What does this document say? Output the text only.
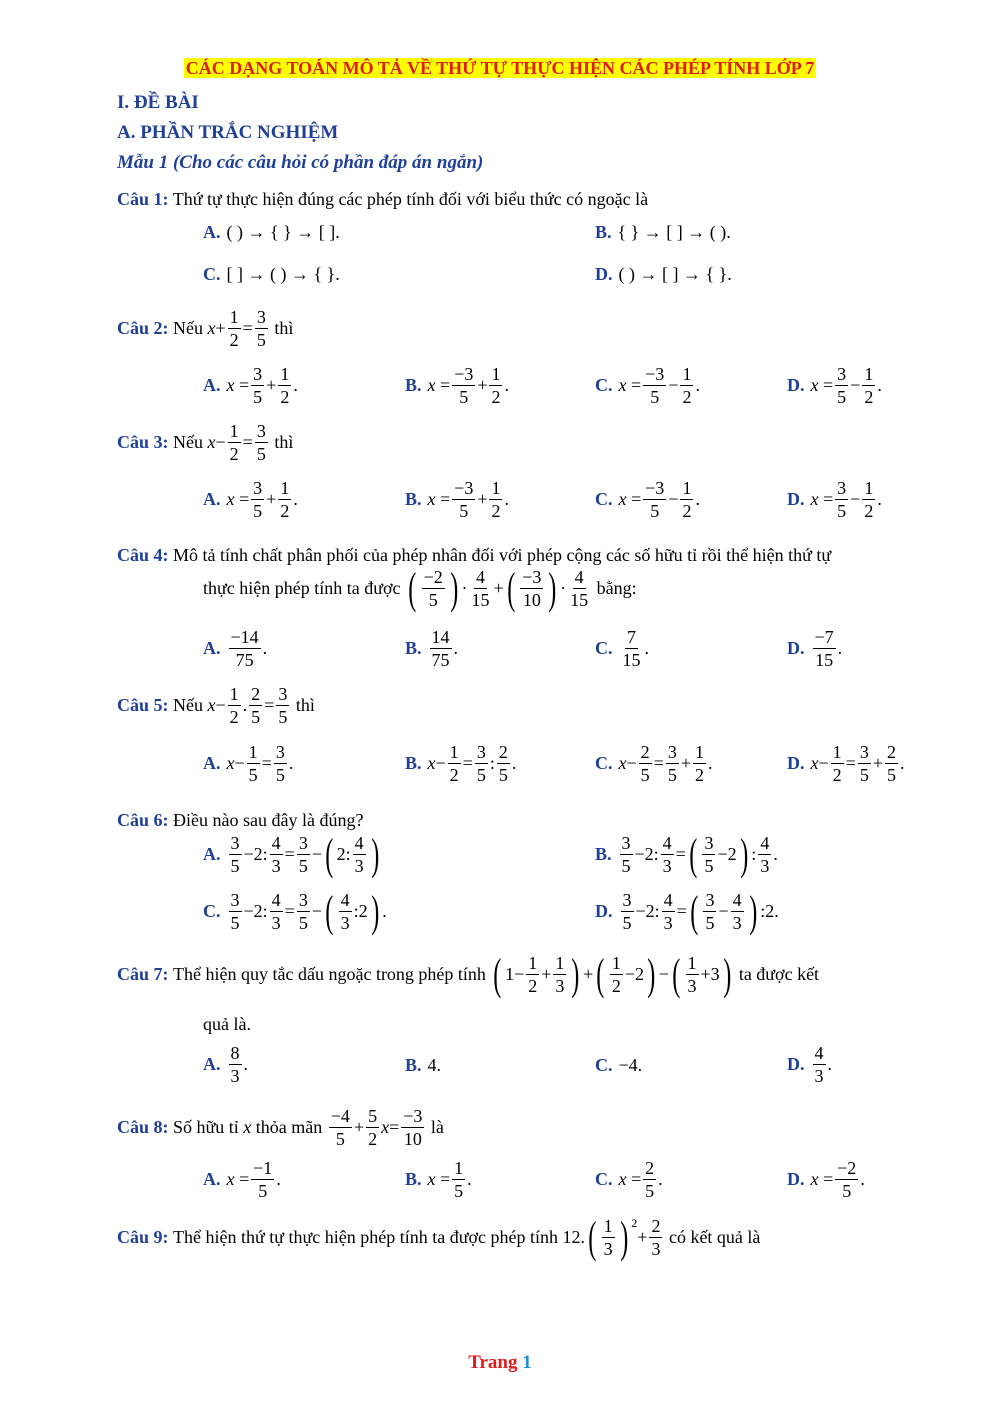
CÁC DẠNG TOÁN MÔ TẢ VỀ THỨ TỰ THỰC HIỆN CÁC PHÉP TÍNH LỚP 7
I. ĐỀ BÀI
A. PHẦN TRẮC NGHIỆM
Mẫu 1 (Cho các câu hỏi có phần đáp án ngắn)
Câu 1: Thứ tự thực hiện đúng các phép tính đối với biểu thức có ngoặc là
A. ( ) → { } → [ ].	B. { } → [ ] → ( ).
C. [ ] → ( ) → { }.	D. ( ) → [ ] → { }.
Câu 2:
Nếu
$x + \frac{1}{2} = \frac{3}{5}$
thì
A. $x = \frac{3}{5} + \frac{1}{2}$ .	B. $x = \frac{-3}{5} + \frac{1}{2}$ .	C. $x = \frac{-3}{5} - \frac{1}{2}$ .	D. $x = \frac{3}{5} - \frac{1}{2}$ .
Câu 3:
Nếu
$x - \frac{1}{2} = \frac{3}{5}$
thì
A. $x = \frac{3}{5} + \frac{1}{2}$ .	B. $x = \frac{-3}{5} + \frac{1}{2}$ .	C. $x = \frac{-3}{5} - \frac{1}{2}$ .	D. $x = \frac{3}{5} - \frac{1}{2}$ .
Câu 4: Mô tả tính chất phân phối của phép nhân đối với phép cộng các số hữu tỉ rồi thể hiện thứ tự
thực hiện phép tính ta được
( $\frac{-2}{5}$ ) · $\frac{4}{15}$ + ( $\frac{-3}{10}$ ) · $\frac{4}{15}$
bằng:
A. $\frac{-14}{75}$ .	B. $\frac{14}{75}$ .	C. $\frac{7}{15}$ .	D. $\frac{-7}{15}$ .
Câu 5:
Nếu
$x - \frac{1}{2}$ . $\frac{2}{5} = \frac{3}{5}$
thì
A. $x - \frac{1}{5} = \frac{3}{5}$ .	B. $x - \frac{1}{2} = \frac{3}{5}$ : $\frac{2}{5}$ .	C. $x - \frac{2}{5} = \frac{3}{5} + \frac{1}{2}$ .	D. $x - \frac{1}{2} = \frac{3}{5} + \frac{2}{5}$ .
Câu 6: Điều nào sau đây là đúng?
A. $\frac{3}{5} -2$: $\frac{4}{3} = \frac{3}{5}$ − ( 2: $\frac{4}{3}$ )	B. $\frac{3}{5} -2$: $\frac{4}{3}$ = ( $\frac{3}{5} -2$ ) : $\frac{4}{3}$ .
C. $\frac{3}{5} -2$: $\frac{4}{3} = \frac{3}{5}$ − ( $\frac{4}{3}$ :2 ) .	D. $\frac{3}{5} -2$: $\frac{4}{3}$ = ( $\frac{3}{5} - \frac{4}{3}$ ) :2.
Câu 7:
Thể hiện quy tắc dấu ngoặc trong phép tính
( $1- \frac{1}{2} + \frac{1}{3}$ ) + ( $\frac{1}{2} -2$ ) − ( $\frac{1}{3} +3$ )
ta được kết
quả là.
A. $\frac{8}{3}$ .	B. 4.	C. −4.	D. $\frac{4}{3}$ .
Câu 8:
Số hữu tỉ
x
thỏa mãn
$\frac{-4}{5} + \frac{5}{2}$ $x = \frac{-3}{10}$
là
A. $x = \frac{-1}{5}$ .	B. $x = \frac{1}{5}$ .	C. $x = \frac{2}{5}$ .	D. $x = \frac{-2}{5}$ .
Câu 9:
Thể hiện thứ tự thực hiện phép tính ta được phép tính
12. ( $\frac{1}{3}$ ) 2
+ $\frac{2}{3}$
có kết quả là
Trang 1
